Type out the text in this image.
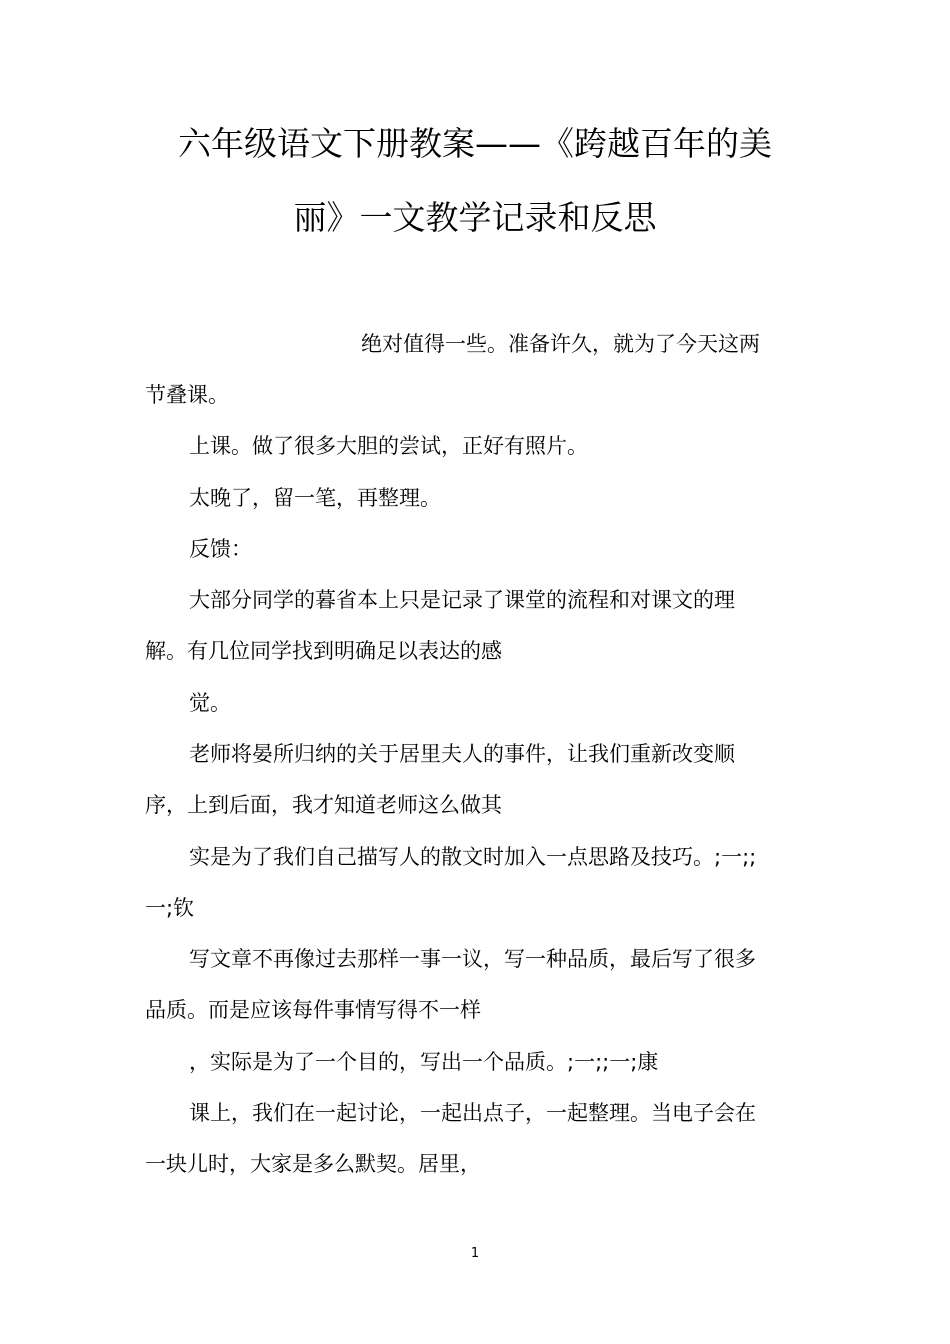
六年级语文下册教案——《跨越百年的美
丽》一文教学记录和反思
绝对值得一些。准备许久，就为了今天这两
节叠课。
上课。做了很多大胆的尝试，正好有照片。
太晚了，留一笔，再整理。
反馈：
大部分同学的暮省本上只是记录了课堂的流程和对课文的理
解。有几位同学找到明确足以表达的感
觉。
老师将晏所归纳的关于居里夫人的事件，让我们重新改变顺
序，上到后面，我才知道老师这么做其
实是为了我们自己描写人的散文时加入一点思路及技巧。;一;;
一;钦
写文章不再像过去那样一事一议，写一种品质，最后写了很多
品质。而是应该每件事情写得不一样
，实际是为了一个目的，写出一个品质。;一;;一;康
课上，我们在一起讨论，一起出点子，一起整理。当电子会在
一块儿时，大家是多么默契。居里，
1
